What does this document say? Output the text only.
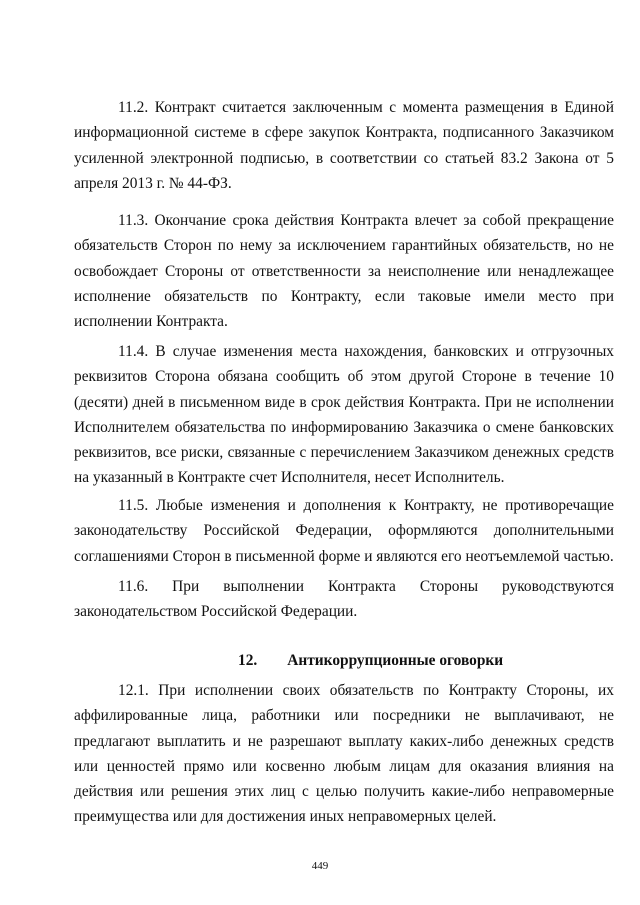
11.2. Контракт считается заключенным с момента размещения в Единой информационной системе в сфере закупок Контракта, подписанного Заказчиком усиленной электронной подписью, в соответствии со статьей 83.2 Закона от 5 апреля 2013 г. № 44-ФЗ.

11.3. Окончание срока действия Контракта влечет за собой прекращение обязательств Сторон по нему за исключением гарантийных обязательств, но не освобождает Стороны от ответственности за неисполнение или ненадлежащее исполнение обязательств по Контракту, если таковые имели место при исполнении Контракта.

11.4. В случае изменения места нахождения, банковских и отгрузочных реквизитов Сторона обязана сообщить об этом другой Стороне в течение 10 (десяти) дней в письменном виде в срок действия Контракта. При не исполнении Исполнителем обязательства по информированию Заказчика о смене банковских реквизитов, все риски, связанные с перечислением Заказчиком денежных средств на указанный в Контракте счет Исполнителя, несет Исполнитель.

11.5. Любые изменения и дополнения к Контракту, не противоречащие законодательству Российской Федерации, оформляются дополнительными соглашениями Сторон в письменной форме и являются его неотъемлемой частью.

11.6. При выполнении Контракта Стороны руководствуются законодательством Российской Федерации.

12. Антикоррупционные оговорки

12.1. При исполнении своих обязательств по Контракту Стороны, их аффилированные лица, работники или посредники не выплачивают, не предлагают выплатить и не разрешают выплату каких-либо денежных средств или ценностей прямо или косвенно любым лицам для оказания влияния на действия или решения этих лиц с целью получить какие-либо неправомерные преимущества или для достижения иных неправомерных целей.

449
